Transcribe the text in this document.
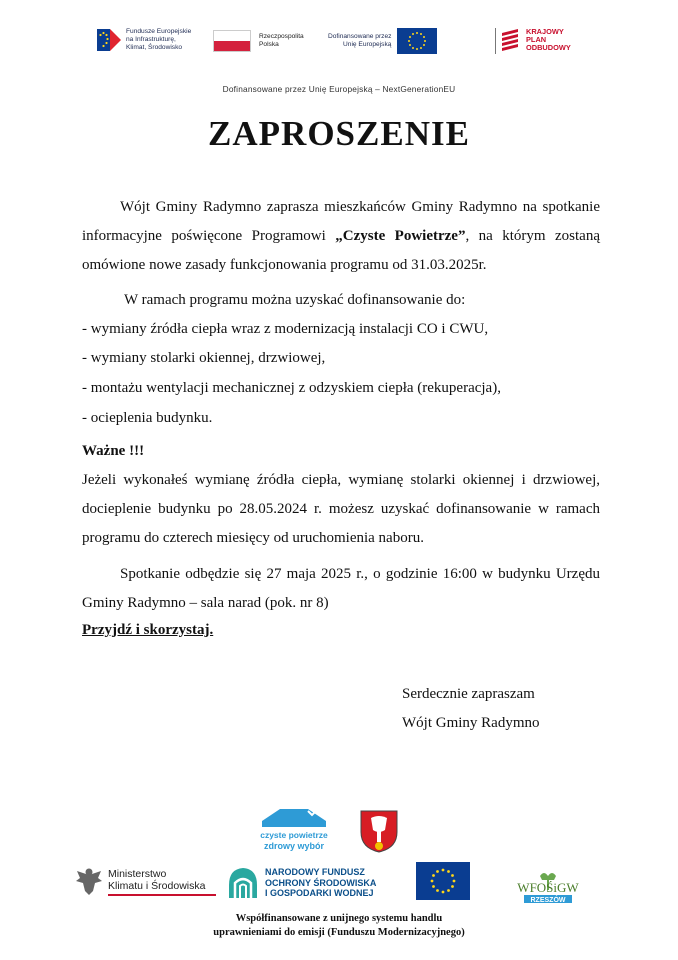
Fundusze Europejskie
na Infrastrukturę,
Klimat, Środowisko
Rzeczpospolita
Polska
Dofinansowane przez
Unię Europejską
KRAJOWY
PLAN
ODBUDOWY
Dofinansowane przez Unię Europejską – NextGenerationEU
ZAPROSZENIE

Wójt Gminy Radymno zaprasza mieszkańców Gminy Radymno na spotkanie informacyjne poświęcone Programowi „Czyste Powietrze”, na którym zostaną omówione nowe zasady funkcjonowania programu od 31.03.2025r.

W ramach programu można uzyskać dofinansowanie do:
- wymiany źródła ciepła wraz z modernizacją instalacji CO i CWU,
- wymiany stolarki okiennej, drzwiowej,
- montażu wentylacji mechanicznej z odzyskiem ciepła (rekuperacja),
- ocieplenia budynku.
Ważne !!!

Jeżeli wykonałeś wymianę źródła ciepła, wymianę stolarki okiennej i drzwiowej, docieplenie budynku po 28.05.2024 r. możesz uzyskać dofinansowanie w ramach programu do czterech miesięcy od uruchomienia naboru.

Spotkanie odbędzie się 27 maja 2025 r., o godzinie 16:00 w budynku Urzędu Gminy Radymno – sala narad (pok. nr 8)

Przyjdź i skorzystaj.
Serdecznie zapraszam
Wójt Gminy Radymno
czyste powietrze
zdrowy wybór
Ministerstwo
Klimatu i Środowiska
NARODOWY FUNDUSZ
OCHRONY ŚRODOWISKA
I GOSPODARKI WODNEJ	WFOŚiGW
RZESZÓW
Współfinansowane z unijnego systemu handlu
uprawnieniami do emisji (Funduszu Modernizacyjnego)
